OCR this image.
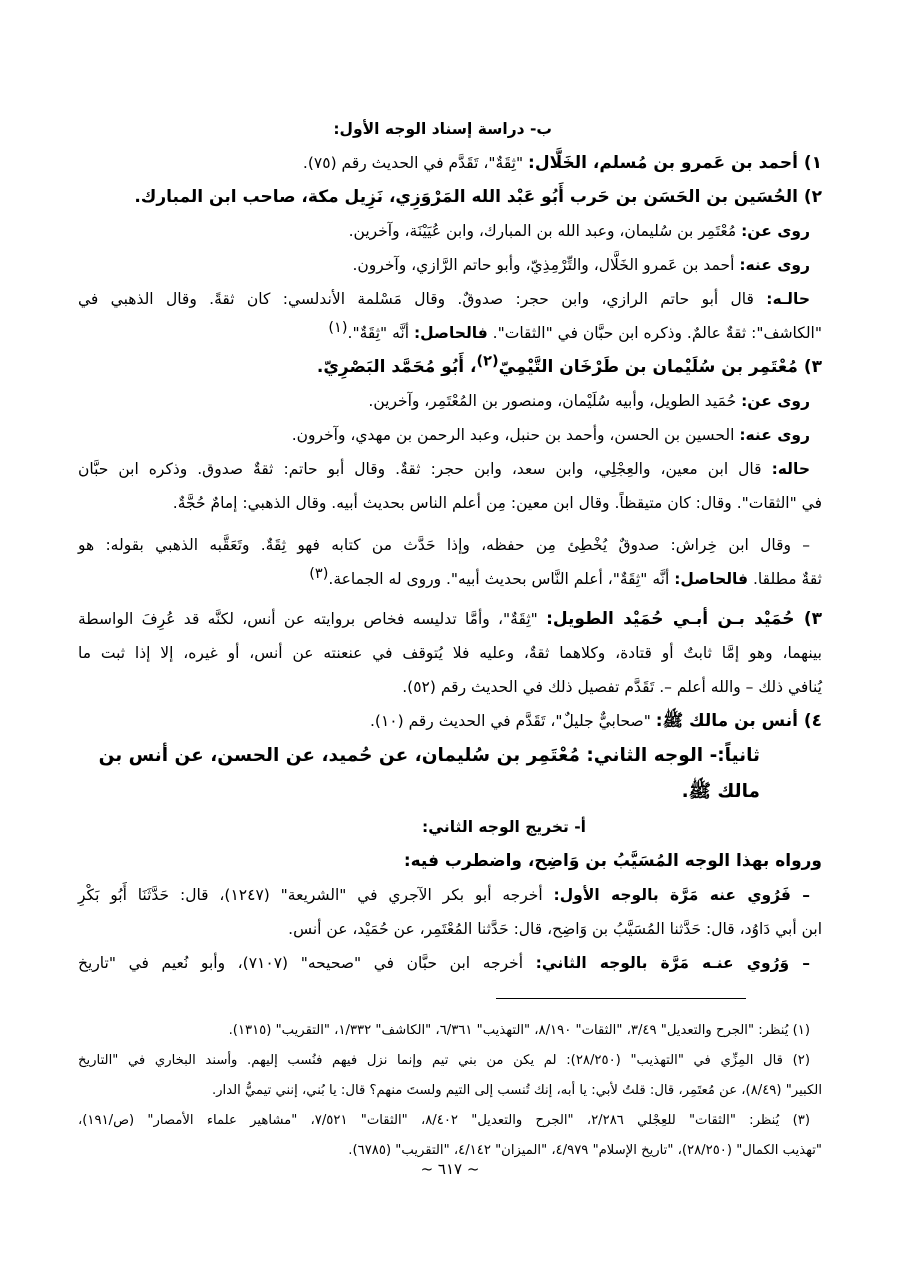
ب- دراسة إسناد الوجه الأول:
١) أحمد بن عَمرو بن مُسلم، الخَلَّال: "ثِقَةٌ"، تَقَدَّم في الحديث رقم (٧٥).
٢) الحُسَين بن الحَسَن بن حَرب أَبُو عَبْد الله المَرْوَزِي، نَزِيل مكة، صاحب ابن المبارك.
روى عن: مُعْتَمِر بن سُليمان، وعبد الله بن المبارك، وابن عُيَيْنَة، وآخرين.
روى عنه: أحمد بن عَمرو الخَلَّال، والتِّرْمِذِيّ، وأبو حاتم الرَّازي، وآخرون.
حالـه: قال أبو حاتم الرازي، وابن حجر: صدوقٌ. وقال مَسْلمة الأندلسي: كان ثقةً. وقال الذهبي في
"الكاشف": ثقةٌ عالمٌ. وذكره ابن حبَّان في "الثقات". فالحاصل: أنَّه "ثِقَةٌ".(١)
٣) مُعْتَمِر بن سُلَيْمان بن طَرْخَان التَّيْمِيّ(٢)، أَبُو مُحَمَّد البَصْرِيّ.
روى عن: حُمَيد الطويل، وأبيه سُلَيْمان، ومنصور بن المُعْتَمِر، وآخرين.
روى عنه: الحسين بن الحسن، وأحمد بن حنبل، وعبد الرحمن بن مهدي، وآخرون.
حاله: قال ابن معين، والعِجْلِي، وابن سعد، وابن حجر: ثقةٌ. وقال أبو حاتم: ثقةٌ صدوق. وذكره ابن حبَّان
في "الثقات". وقال: كان متيقظاً. وقال ابن معين: مِن أعلم الناس بحديث أبيه. وقال الذهبي: إمامٌ حُجَّةٌ.
– وقال ابن خِراش: صدوقٌ يُخْطِئ مِن حفظه، وإذا حَدَّث من كتابه فهو ثِقَةٌ. وتَعَقَّبه الذهبي بقوله: هو
ثقةٌ مطلقا. فالحاصل: أنَّه "ثِقَةٌ"، أعلم النَّاس بحديث أبيه". وروى له الجماعة.(٣)
٣) حُمَيْد بـن أبـي حُمَيْد الطويل: "ثِقَةٌ"، وأمَّا تدليسه فخاص بروايته عن أنس، لكنَّه قد عُرِفَ الواسطة
بينهما، وهو إمَّا ثابتٌ أو قتادة، وكلاهما ثقةٌ، وعليه فلا يُتوقف في عنعنته عن أنس، أو غيره، إلا إذا ثبت ما
يُنافي ذلك – والله أعلم –. تَقَدَّم تفصيل ذلك في الحديث رقم (٥٢).
٤) أنس بن مالك ﷺ: "صحابيٌّ جليلٌ"، تَقَدَّم في الحديث رقم (١٠).
ثانياً:- الوجه الثاني: مُعْتَمِر بن سُليمان، عن حُميد، عن الحسن، عن أنس بن مالك ﷺ.
أ- تخريج الوجه الثاني:
ورواه بهذا الوجه المُسَيَّبُ بن وَاضِح، واضطرب فيه:
– فَرُوي عنه مَرَّة بالوجه الأول: أخرجه أبو بكر الآجري في "الشريعة" (١٢٤٧)، قال: حَدَّثَنَا أَبُو بَكْرِ
ابن أبي دَاوُد، قال: حَدَّثنا المُسَيَّبُ بن وَاضِح، قال: حَدَّثنا المُعْتَمِر، عن حُمَيْد، عن أنس.
– وَرُوي عنـه مَرَّة بالوجه الثاني: أخرجه ابن حبَّان في "صحيحه" (٧١٠٧)، وأبو نُعيم في "تاريخ
(١) يُنظر: "الجرح والتعديل" ٣/٤٩، "الثقات" ٨/١٩٠، "التهذيب" ٦/٣٦١، "الكاشف" ١/٣٣٢، "التقريب" (١٣١٥).
(٢) قال المِزِّي في "التهذيب" (٢٨/٢٥٠): لم يكن من بني تيم وإنما نزل فيهم فنُسب إليهم. وأسند البخاري في "التاريخ
الكبير" (٨/٤٩)، عن مُعتَمِر، قال: قلتُ لأبي: يا أبه، إنك تُنسب إلى التيم ولستَ منهم؟ قال: يا بُني، إنني تيميُّ الدار.
(٣) يُنظر: "الثقات" للعِجْلي ٢/٢٨٦، "الجرح والتعديل" ٨/٤٠٢، "الثقات" ٧/٥٢١، "مشاهير علماء الأمصار" (ص/١٩١)،
"تهذيب الكمال" (٢٨/٢٥٠)، "تاريخ الإسلام" ٤/٩٧٩، "الميزان" ٤/١٤٢، "التقريب" (٦٧٨٥).
~ ٦١٧ ~
